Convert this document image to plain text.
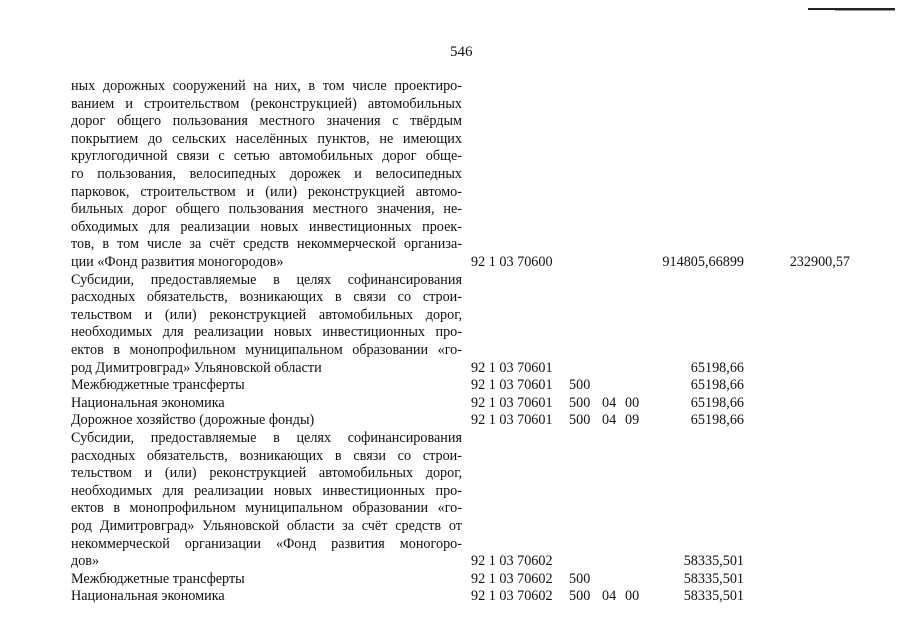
546
ных дорожных сооружений на них, в том числе проектиро-
ванием и строительством (реконструкцией) автомобильных
дорог общего пользования местного значения с твёрдым
покрытием до сельских населённых пунктов, не имеющих
круглогодичной связи с сетью автомобильных дорог обще-
го пользования, велосипедных дорожек и велосипедных
парковок, строительством и (или) реконструкцией автомо-
бильных дорог общего пользования местного значения, не-
обходимых для реализации новых инвестиционных проек-
тов, в том числе за счёт средств некоммерческой организа-
ции «Фонд развития моногородов»	92 1 03 70600	914805,66899	232900,57
Субсидии, предоставляемые в целях софинансирования
расходных обязательств, возникающих в связи со строи-
тельством и (или) реконструкцией автомобильных дорог,
необходимых для реализации новых инвестиционных про-
ектов в монопрофильном муниципальном образовании «го-
род Димитровград» Ульяновской области	92 1 03 70601	65198,66
Межбюджетные трансферты	92 1 03 70601 500	65198,66
Национальная экономика	92 1 03 70601 500 04 00	65198,66
Дорожное хозяйство (дорожные фонды)	92 1 03 70601 500 04 09	65198,66
Субсидии, предоставляемые в целях софинансирования
расходных обязательств, возникающих в связи со строи-
тельством и (или) реконструкцией автомобильных дорог,
необходимых для реализации новых инвестиционных про-
ектов в монопрофильном муниципальном образовании «го-
род Димитровград» Ульяновской области за счёт средств от
некоммерческой организации «Фонд развития моногоро-
дов»	92 1 03 70602	58335,501
Межбюджетные трансферты	92 1 03 70602 500	58335,501
Национальная экономика	92 1 03 70602 500 04 00	58335,501
